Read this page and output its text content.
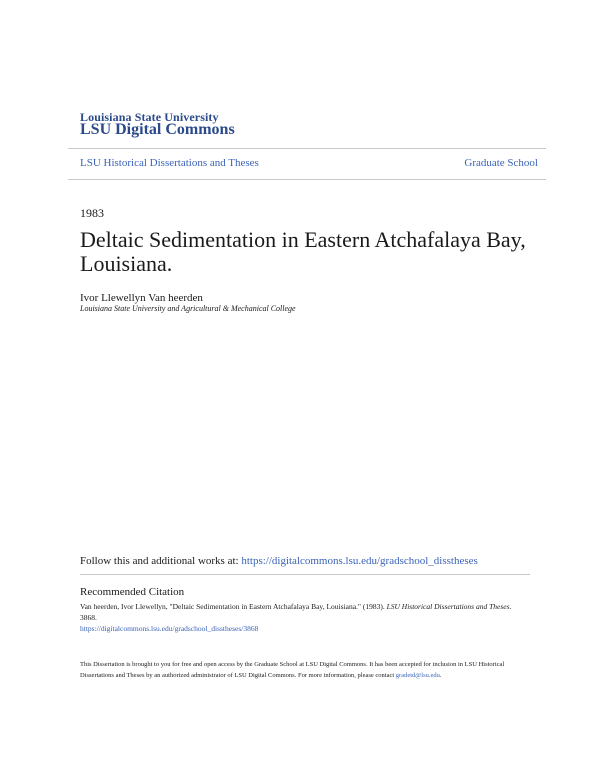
Louisiana State University
LSU Digital Commons
LSU Historical Dissertations and Theses	Graduate School
1983
Deltaic Sedimentation in Eastern Atchafalaya Bay, Louisiana.
Ivor Llewellyn Van heerden
Louisiana State University and Agricultural & Mechanical College
Follow this and additional works at: https://digitalcommons.lsu.edu/gradschool_disstheses
Recommended Citation
Van heerden, Ivor Llewellyn, "Deltaic Sedimentation in Eastern Atchafalaya Bay, Louisiana." (1983). LSU Historical Dissertations and Theses. 3868.
https://digitalcommons.lsu.edu/gradschool_disstheses/3868
This Dissertation is brought to you for free and open access by the Graduate School at LSU Digital Commons. It has been accepted for inclusion in LSU Historical Dissertations and Theses by an authorized administrator of LSU Digital Commons. For more information, please contact gradetd@lsu.edu.
